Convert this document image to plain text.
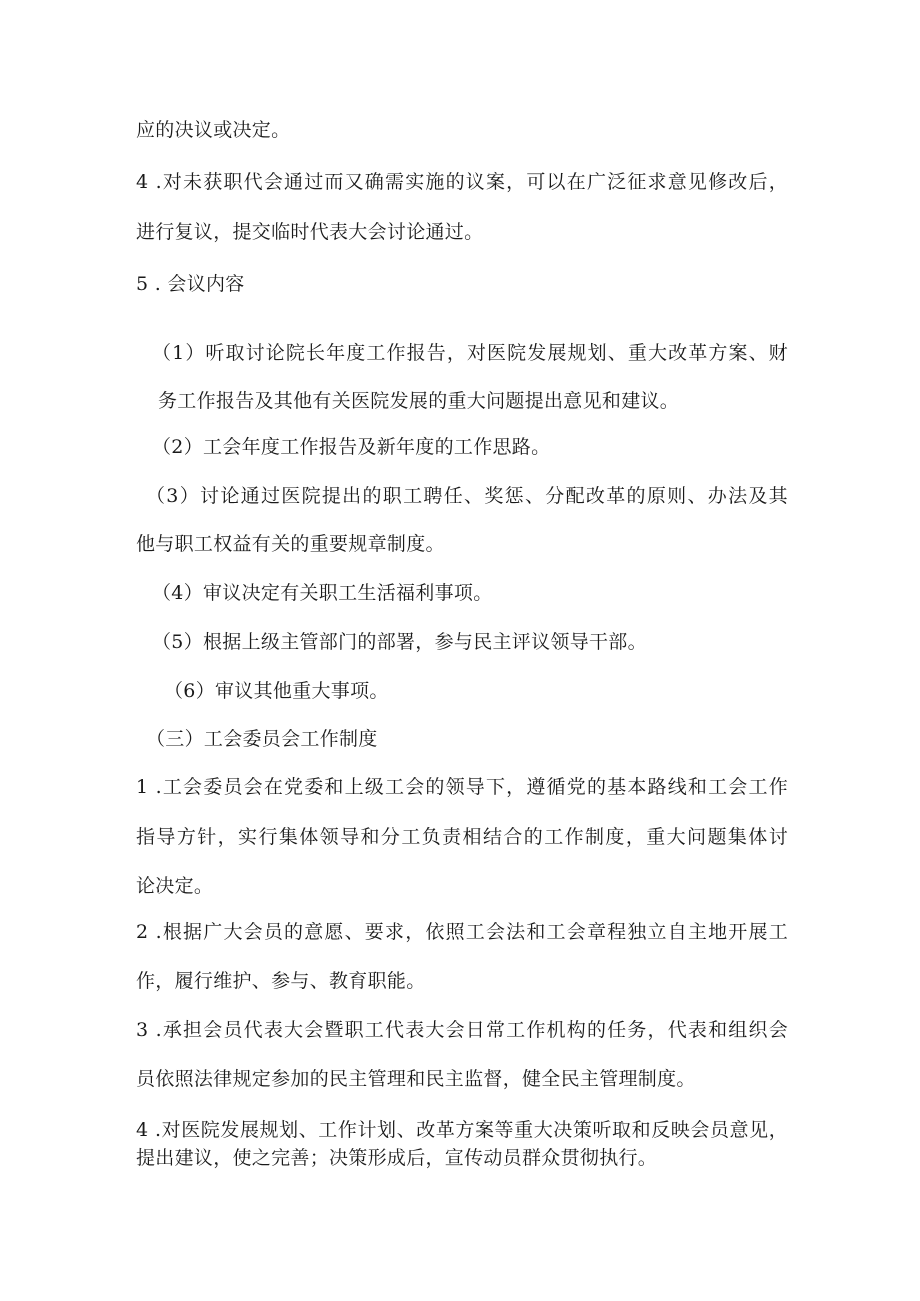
应的决议或决定。
4 .对未获职代会通过而又确需实施的议案，可以在广泛征求意见修改后，
进行复议，提交临时代表大会讨论通过。
5 . 会议内容
（1）听取讨论院长年度工作报告，对医院发展规划、重大改革方案、财
务工作报告及其他有关医院发展的重大问题提出意见和建议。
（2）工会年度工作报告及新年度的工作思路。
（3）讨论通过医院提出的职工聘任、奖惩、分配改革的原则、办法及其
他与职工权益有关的重要规章制度。
（4）审议决定有关职工生活福利事项。
（5）根据上级主管部门的部署，参与民主评议领导干部。
（6）审议其他重大事项。
（三）工会委员会工作制度
1 .工会委员会在党委和上级工会的领导下，遵循党的基本路线和工会工作
指导方针，实行集体领导和分工负责相结合的工作制度，重大问题集体讨
论决定。
2 .根据广大会员的意愿、要求，依照工会法和工会章程独立自主地开展工
作，履行维护、参与、教育职能。
3 .承担会员代表大会暨职工代表大会日常工作机构的任务，代表和组织会
员依照法律规定参加的民主管理和民主监督，健全民主管理制度。
4 .对医院发展规划、工作计划、改革方案等重大决策听取和反映会员意见，
提出建议，使之完善；决策形成后，宣传动员群众贯彻执行。
